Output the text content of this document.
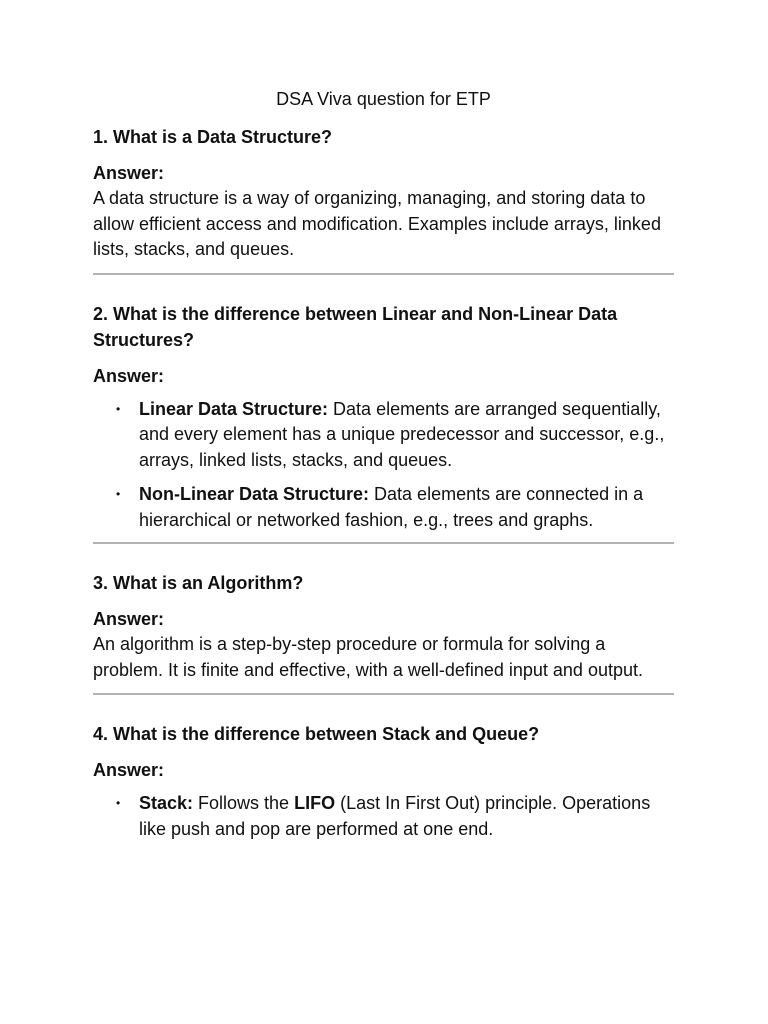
DSA Viva question for ETP

1. What is a Data Structure?

Answer:

A data structure is a way of organizing, managing, and storing data to allow efficient access and modification. Examples include arrays, linked lists, stacks, and queues.

2. What is the difference between Linear and Non-Linear Data Structures?

Answer:

• Linear Data Structure: Data elements are arranged sequentially, and every element has a unique predecessor and successor, e.g., arrays, linked lists, stacks, and queues.
• Non-Linear Data Structure: Data elements are connected in a hierarchical or networked fashion, e.g., trees and graphs.

3. What is an Algorithm?

Answer:

An algorithm is a step-by-step procedure or formula for solving a problem. It is finite and effective, with a well-defined input and output.

4. What is the difference between Stack and Queue?

Answer:

• Stack: Follows the LIFO (Last In First Out) principle. Operations like push and pop are performed at one end.
